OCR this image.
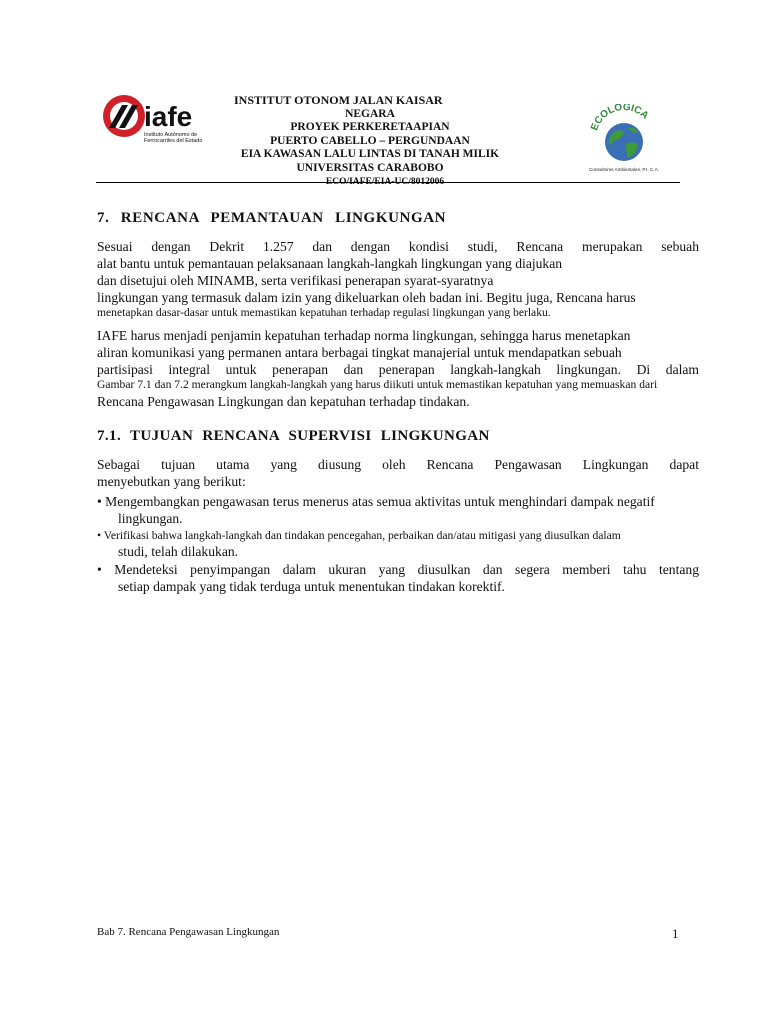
iafe
Instituto Autónomo de
Ferrocarriles del Estado
INSTITUT OTONOM JALAN KAISAR
NEGARA
PROYEK PERKERETAAPIAN
PUERTO CABELLO – PERGUNDAAN
EIA KAWASAN LALU LINTAS DI TANAH MILIK
UNIVERSITAS CARABOBO
ECO/IAFE/EIA-UC/8012006
ECOLÓGICA
Consultores Ambientales, P.I. C.A.
7. RENCANA PEMANTAUAN LINGKUNGAN
Sesuai dengan Dekrit 1.257 dan dengan kondisi studi, Rencana merupakan sebuah
alat bantu untuk pemantauan pelaksanaan langkah-langkah lingkungan yang diajukan
dan disetujui oleh MINAMB, serta verifikasi penerapan syarat-syaratnya
lingkungan yang termasuk dalam izin yang dikeluarkan oleh badan ini. Begitu juga, Rencana harus
menetapkan dasar-dasar untuk memastikan kepatuhan terhadap regulasi lingkungan yang berlaku.
IAFE harus menjadi penjamin kepatuhan terhadap norma lingkungan, sehingga harus menetapkan
aliran komunikasi yang permanen antara berbagai tingkat manajerial untuk mendapatkan sebuah
partisipasi integral untuk penerapan dan penerapan langkah-langkah lingkungan. Di dalam
Gambar 7.1 dan 7.2 merangkum langkah-langkah yang harus diikuti untuk memastikan kepatuhan yang memuaskan dari
Rencana Pengawasan Lingkungan dan kepatuhan terhadap tindakan.
7.1. TUJUAN RENCANA SUPERVISI LINGKUNGAN
Sebagai tujuan utama yang diusung oleh Rencana Pengawasan Lingkungan dapat
menyebutkan yang berikut:
• Mengembangkan pengawasan terus menerus atas semua aktivitas untuk menghindari dampak negatif
lingkungan.
• Verifikasi bahwa langkah-langkah dan tindakan pencegahan, perbaikan dan/atau mitigasi yang diusulkan dalam
studi, telah dilakukan.
• Mendeteksi penyimpangan dalam ukuran yang diusulkan dan segera memberi tahu tentang
setiap dampak yang tidak terduga untuk menentukan tindakan korektif.
Bab 7. Rencana Pengawasan Lingkungan	1
